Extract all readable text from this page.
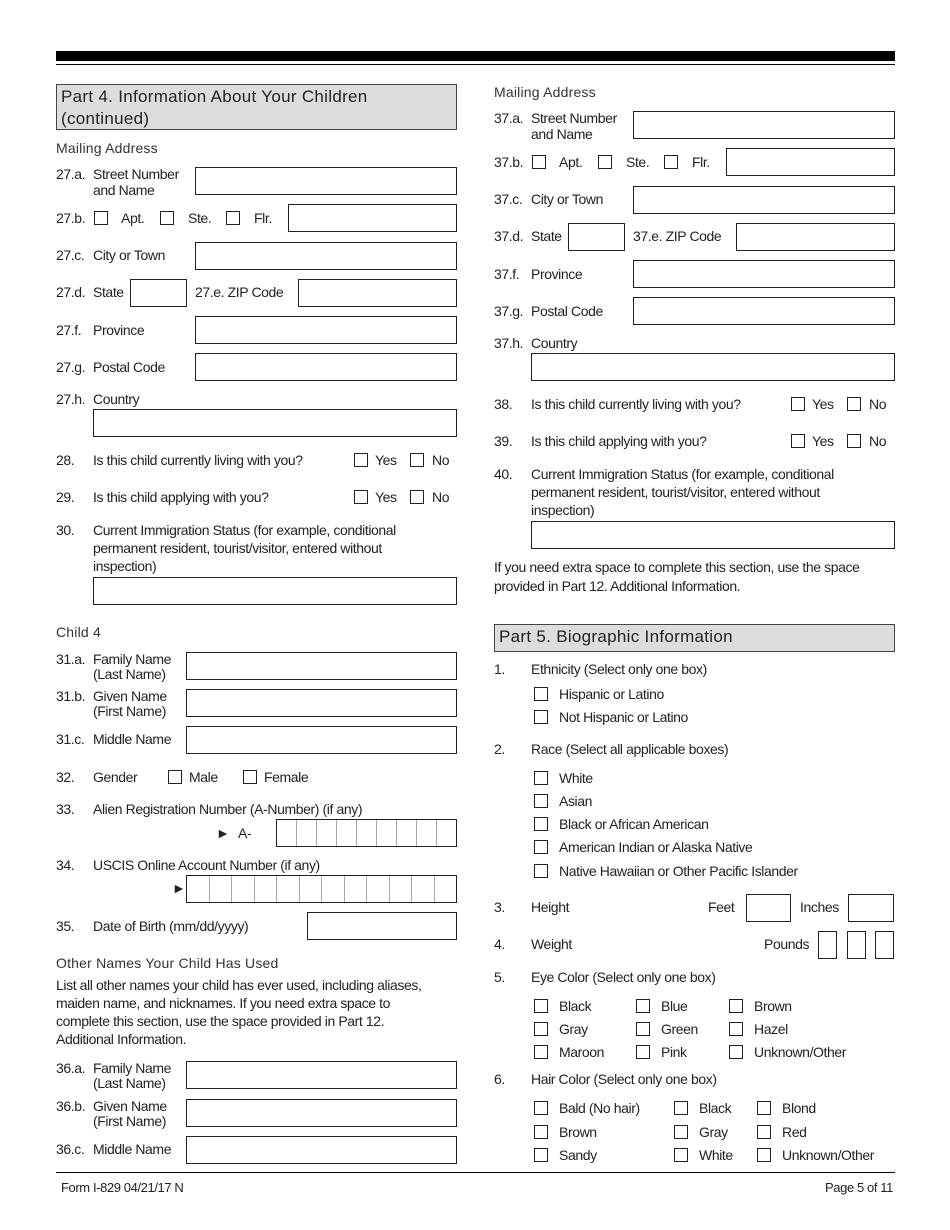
Form I-829 04/21/17 N	Page 5 of 11
Part 4. Information About Your Children
(continued)
Mailing Address
27.a. Street Number
and Name
27.b.	Apt.	Ste.	Flr.
27.c. City or Town
27.d. State	27.e. ZIP Code
27.f. Province
27.g. Postal Code
27.h. Country
28. Is this child currently living with you?	Yes	No
29. Is this child applying with you?	Yes	No
30. Current Immigration Status (for example, conditional
permanent resident, tourist/visitor, entered without
inspection)
Child 4
31.a. Family Name
(Last Name)
31.b. Given Name
(First Name)
31.c. Middle Name
32. Gender	Male	Female
33. Alien Registration Number (A-Number) (if any)
► A-
34. USCIS Online Account Number (if any)
►
35. Date of Birth (mm/dd/yyyy)
Other Names Your Child Has Used
List all other names your child has ever used, including aliases,
maiden name, and nicknames. If you need extra space to
complete this section, use the space provided in Part 12.
Additional Information.
36.a. Family Name
(Last Name)
36.b. Given Name
(First Name)
36.c. Middle Name
Mailing Address
37.a. Street Number
and Name
37.b.	Apt.	Ste.	Flr.
37.c. City or Town
37.d. State	37.e. ZIP Code
37.f. Province
37.g. Postal Code
37.h. Country
38. Is this child currently living with you?	Yes	No
39. Is this child applying with you?	Yes	No
40. Current Immigration Status (for example, conditional
permanent resident, tourist/visitor, entered without
inspection)
If you need extra space to complete this section, use the space
provided in Part 12. Additional Information.
Part 5. Biographic Information
1. Ethnicity (Select only one box)
Hispanic or Latino
Not Hispanic or Latino
2. Race (Select all applicable boxes)
White
Asian
Black or African American
American Indian or Alaska Native
Native Hawaiian or Other Pacific Islander
3. Height	Feet	Inches
4. Weight	Pounds
5. Eye Color (Select only one box)
Black	Blue	Brown
Gray	Green	Hazel
Maroon	Pink	Unknown/Other
6. Hair Color (Select only one box)
Bald (No hair)	Black	Blond
Brown	Gray	Red
Sandy	White	Unknown/Other
